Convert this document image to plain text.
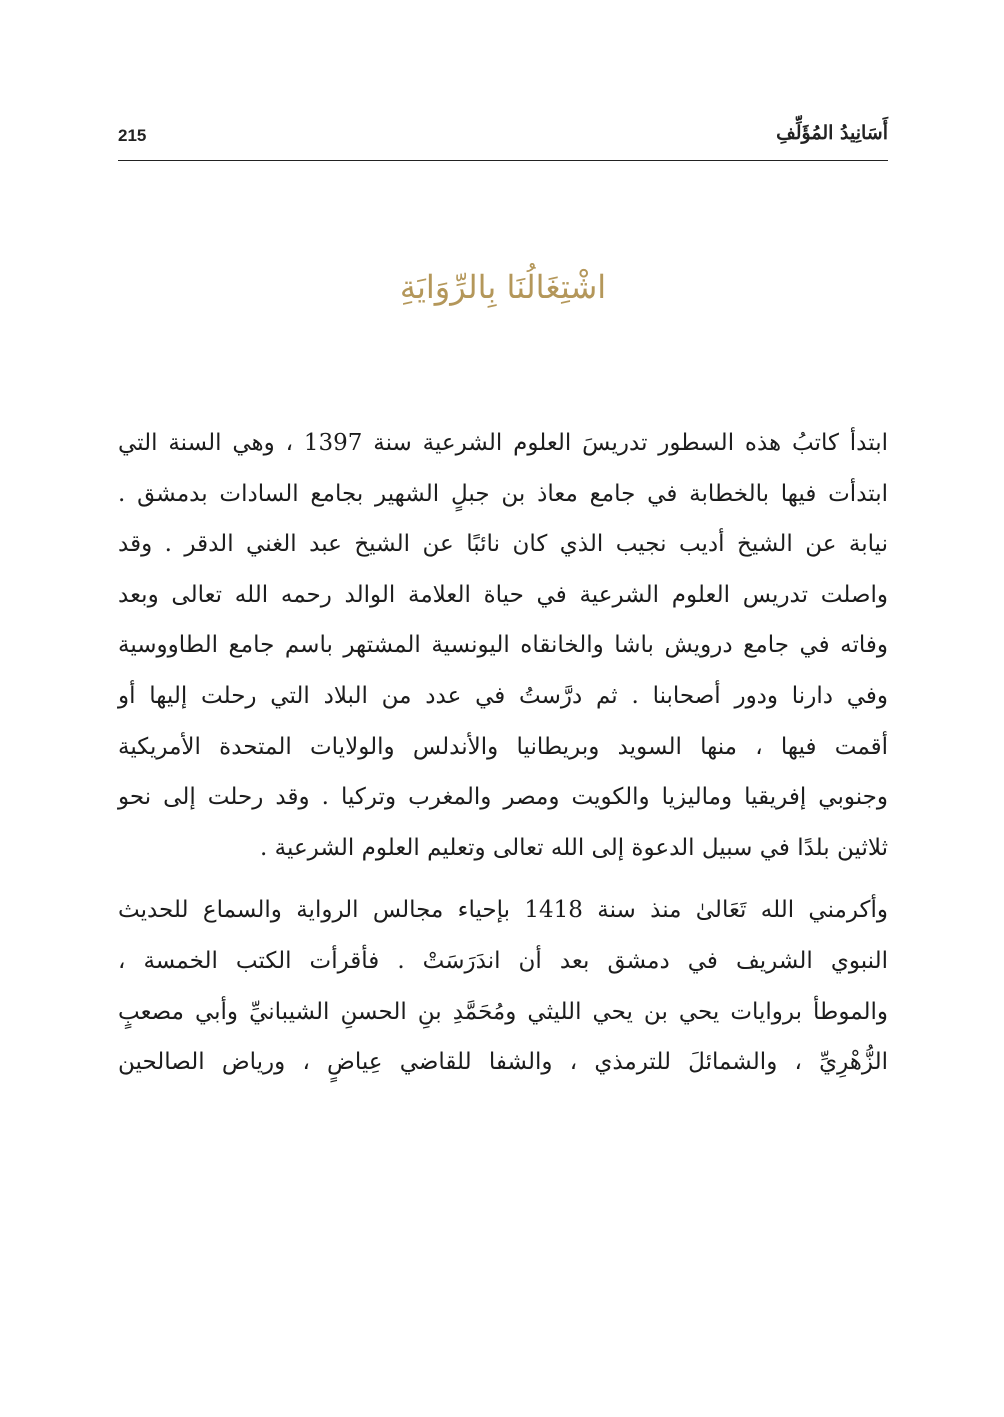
215	أَسَانِيدُ المُؤَلِّفِ
اشْتِغَالُنَا بِالرِّوَايَةِ
ابتدأ كاتبُ هذه السطور تدريسَ العلوم الشرعية سنة 1397 ، وهي السنة التي
ابتدأت فيها بالخطابة في جامع معاذ بن جبلٍ الشهير بجامع السادات بدمشق .
نيابة عن الشيخ أديب نجيب الذي كان نائبًا عن الشيخ عبد الغني الدقر . وقد
واصلت تدريس العلوم الشرعية في حياة العلامة الوالد رحمه الله تعالى وبعد
وفاته في جامع درويش باشا والخانقاه اليونسية المشتهر باسم جامع الطاووسية
وفي دارنا ودور أصحابنا . ثم درَّستُ في عدد من البلاد التي رحلت إليها أو
أقمت فيها ، منها السويد وبريطانيا والأندلس والولايات المتحدة الأمريكية
وجنوبي إفريقيا وماليزيا والكويت ومصر والمغرب وتركيا . وقد رحلت إلى نحو
ثلاثين بلدًا في سبيل الدعوة إلى الله تعالى وتعليم العلوم الشرعية .
وأكرمني الله تَعَالىٰ منذ سنة 1418 بإحياء مجالس الرواية والسماع للحديث
النبوي الشريف في دمشق بعد أن اندَرَسَتْ . فأقرأت الكتب الخمسة ،
والموطأ بروايات يحي بن يحي الليثي ومُحَمَّدِ بنِ الحسنِ الشيبانيِّ وأبي مصعبٍ
الزُّهْرِيِّ ، والشمائلَ للترمذي ، والشفا للقاضي عِياضٍ ، ورياض الصالحين
